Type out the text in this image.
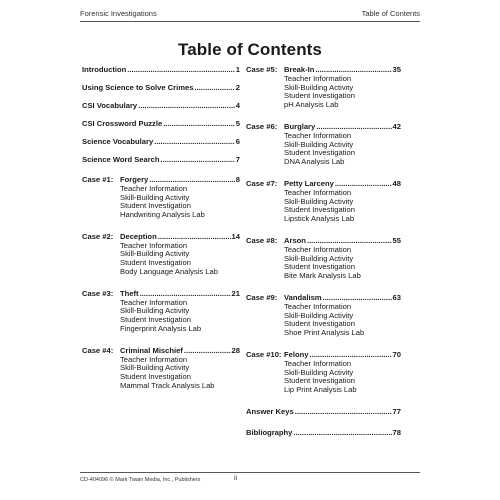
Forensic Investigations	Table of Contents
Table of Contents
Introduction .....	1
Using Science to Solve Crimes .....	2
CSI Vocabulary .....	4
CSI Crossword Puzzle .....	5
Science Vocabulary .....	6
Science Word Search .....	7
Case #1: Forgery .....	8
Teacher Information
Skill-Building Activity
Student Investigation
Handwriting Analysis Lab
Case #2: Deception .....	14
Teacher Information
Skill-Building Activity
Student Investigation
Body Language Analysis Lab
Case #3: Theft .....	21
Teacher Information
Skill-Building Activity
Student Investigation
Fingerprint Analysis Lab
Case #4: Criminal Mischief .....	28
Teacher Information
Skill-Building Activity
Student Investigation
Mammal Track Analysis Lab
Case #5: Break-In .....	35
Teacher Information
Skill-Building Activity
Student Investigation
pH Analysis Lab
Case #6: Burglary .....	42
Teacher Information
Skill-Building Activity
Student Investigation
DNA Analysis Lab
Case #7: Petty Larceny .....	48
Teacher Information
Skill-Building Activity
Student Investigation
Lipstick Analysis Lab
Case #8: Arson .....	55
Teacher Information
Skill-Building Activity
Student Investigation
Bite Mark Analysis Lab
Case #9: Vandalism .....	63
Teacher Information
Skill-Building Activity
Student Investigation
Shoe Print Analysis Lab
Case #10: Felony .....	70
Teacher Information
Skill-Building Activity
Student Investigation
Lip Print Analysis Lab
Answer Keys .....	77
Bibliography .....	78
CD-404096 © Mark Twain Media, Inc., Publishers	ii
